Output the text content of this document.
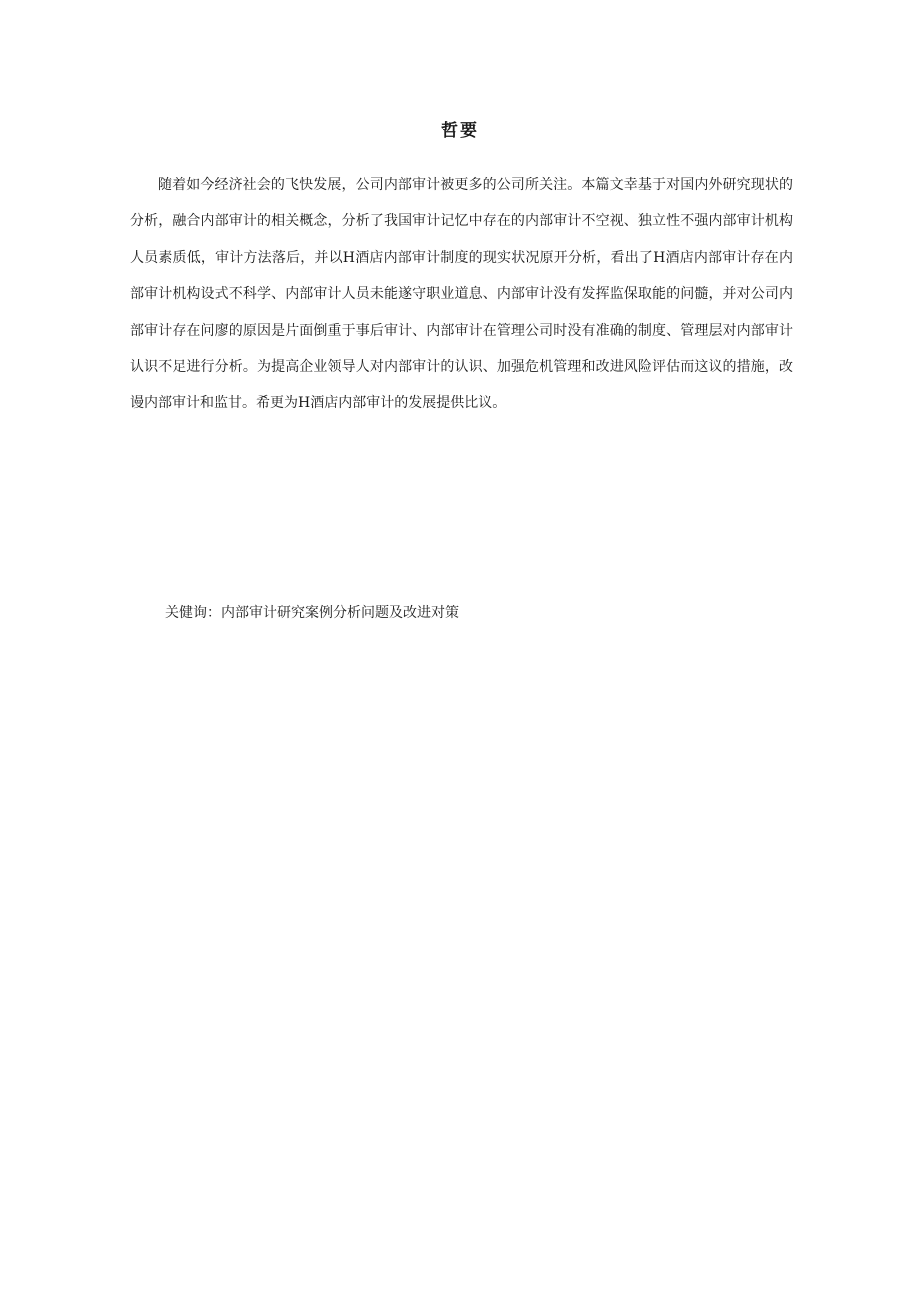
哲要

随着如今经济社会的飞快发展，公司内部审计被更多的公司所关注。本篇文幸基于对国内外研究现状的分析，融合内部审计的相关概念，分析了我国审计记忆中存在的内部审计不空视、独立性不强内部审计机构人员素质低，审计方法落后，并以H酒店内部审计制度的现实状况原开分析，看出了H酒店内部审计存在内部审计机构设式不科学、内部审计人员未能遂守职业道息、内部审计没有发挥监保取能的问髓，并对公司内部审计存在问廖的原因是片面倒重于事后审计、内部审计在管理公司时没有准确的制度、管理层对内部审计认识不足进行分析。为提高企业领导人对内部审计的认识、加强危机管理和改进风险评估而这议的措施，改谩内部审计和监甘。希更为H酒店内部审计的发展提供比议。

关健询：内部审计研究案例分析问题及改进对策
